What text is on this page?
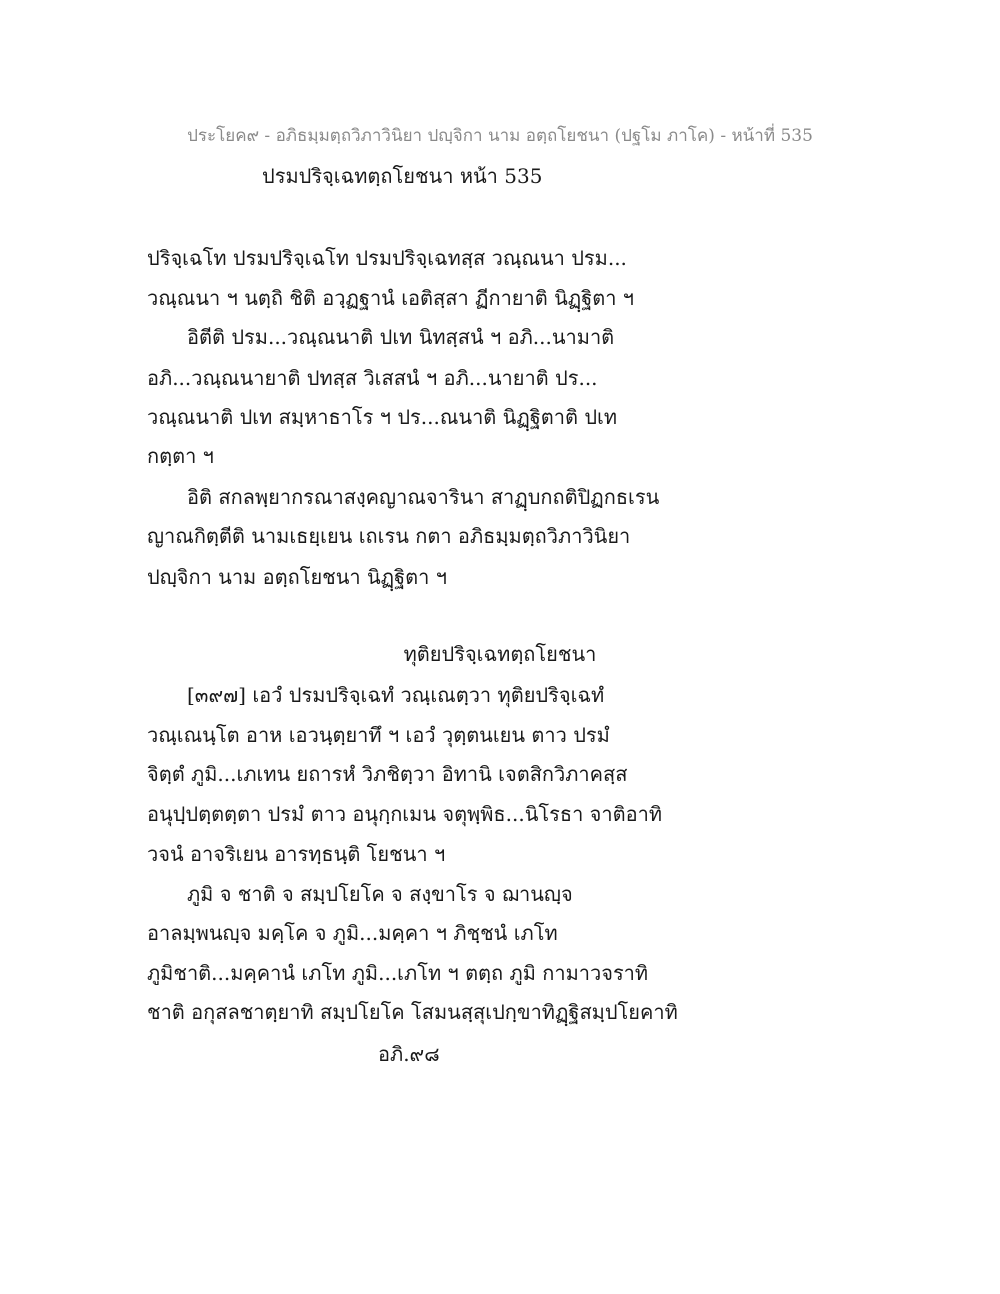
ประโยค๙ - อภิธมฺมตฺถวิภาวินิยา ปญฺจิกา นาม อตฺถโยชนา (ปฐโม ภาโค) - หน้าที่ 535
ปรมปริจฺเฉทตฺถโยชนา หน้า 535
ปริจฺเฉโท ปรมปริจฺเฉโท ปรมปริจฺเฉทสฺส วณฺณนา ปรม...
วณฺณนา ฯ นตฺถิ ชิติ อวฺฏฐานํ เอติสฺสา ฏีกายาติ นิฏฺฐิตา ฯ
อิตีติ ปรม...วณฺณนาติ ปเท นิทสฺสนํ ฯ อภิ...นามาติ
อภิ...วณฺณนายาติ ปทสฺส วิเสสนํ ฯ อภิ...นายาติ ปร...
วณฺณนาติ ปเท สมฺหาธาโร ฯ ปร...ณนาติ นิฏฺฐิตาติ ปเท
กตฺตา ฯ
อิติ สกลพฺยากรณาสงฺคญาณจารินา สาฏฺบกถติปิฏกธเรน
ญาณกิตฺตีติ นามเธยฺเยน เถเรน กตา อภิธมฺมตฺถวิภาวินิยา
ปญฺจิกา นาม อตฺถโยชนา นิฏฺฐิตา ฯ
ทุติยปริจฺเฉทตฺถโยชนา
[๓๙๗] เอวํ ปรมปริจฺเฉทํ วณฺเณตฺวา ทุติยปริจฺเฉทํ
วณฺเณนฺโต อาห เอวนฺตฺยาทึ ฯ เอวํ วุตฺตนเยน ตาว ปรมํ
จิตฺตํ ภูมิ...เภเทน ยถารหํ วิภชิตฺวา อิทานิ เจตสิกวิภาคสฺส
อนุปฺปตฺตตฺตา ปรมํ ตาว อนุกฺกเมน จตุพฺพิธ...นิโรธา จาติอาทิ
วจนํ อาจริเยน อารทฺธนฺติ โยชนา ฯ
ภูมิ จ ชาติ จ สมฺปโยโค จ สงฺขาโร จ ฌานญฺจ
อาลมฺพนญฺจ มคฺโค จ ภูมิ...มคฺคา ฯ ภิชฺชนํ เภโท
ภูมิชาติ...มคฺคานํ เภโท ภูมิ...เภโท ฯ ตตฺถ ภูมิ กามาวจราทิ
ชาติ อกุสลชาตฺยาทิ สมฺปโยโค โสมนสฺสุเปกฺขาทิฏฺฐิสมฺปโยคาทิ
อภิ.๙๘
